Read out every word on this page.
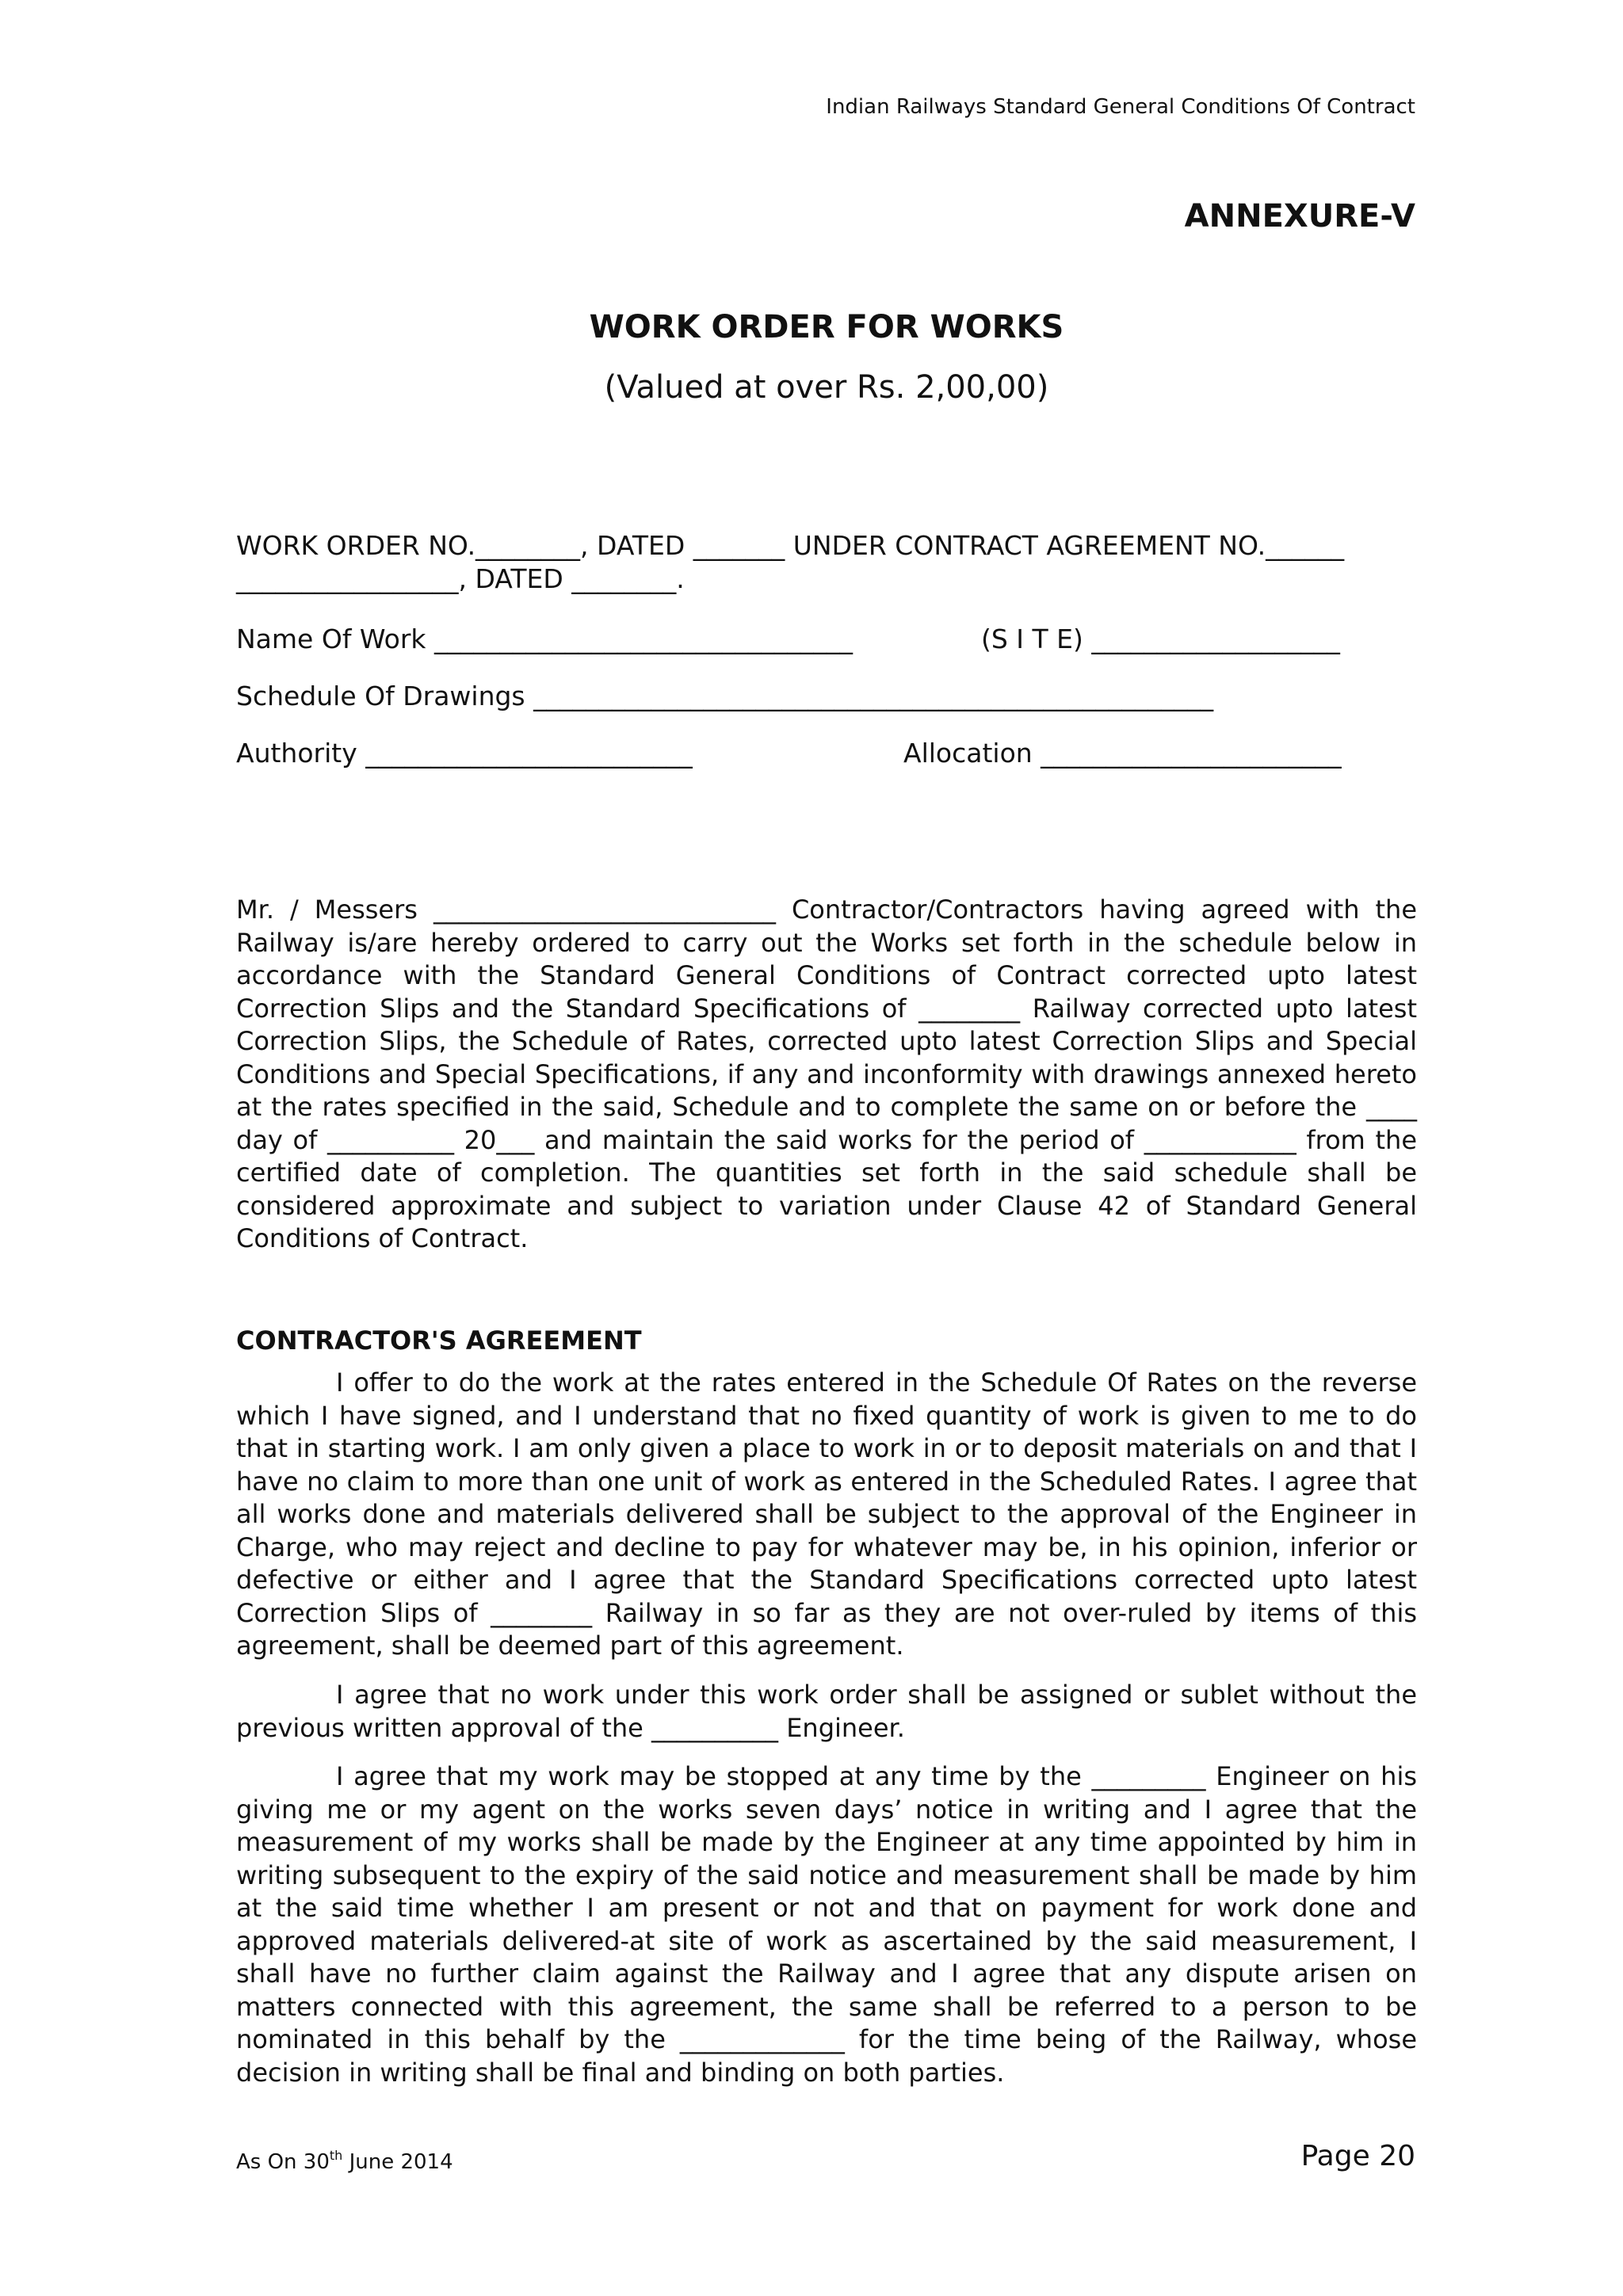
Indian Railways Standard General Conditions Of Contract
ANNEXURE-V
WORK ORDER FOR WORKS
(Valued at over Rs. 2,00,00)
WORK ORDER NO.________, DATED _______ UNDER CONTRACT AGREEMENT NO.______
_________________, DATED ________.
Name Of Work ________________________________	(S I T E) ___________________
Schedule Of Drawings ____________________________________________________
Authority _________________________	Allocation _______________________
Mr. / Messers ___________________________ Contractor/Contractors having agreed with the Railway is/are hereby ordered to carry out the Works set forth in the schedule below in accordance with the Standard General Conditions of Contract corrected upto latest Correction Slips and the Standard Specifications of ________ Railway corrected upto latest Correction Slips, the Schedule of Rates, corrected upto latest Correction Slips and Special Conditions and Special Specifications, if any and inconformity with drawings annexed hereto at the rates specified in the said, Schedule and to complete the same on or before the ____ day of __________ 20___ and maintain the said works for the period of ____________ from the certified date of completion. The quantities set forth in the said schedule shall be considered approximate and subject to variation under Clause 42 of Standard General Conditions of Contract.
CONTRACTOR'S AGREEMENT
I offer to do the work at the rates entered in the Schedule Of Rates on the reverse which I have signed, and I understand that no fixed quantity of work is given to me to do that in starting work. I am only given a place to work in or to deposit materials on and that I have no claim to more than one unit of work as entered in the Scheduled Rates. I agree that all works done and materials delivered shall be subject to the approval of the Engineer in Charge, who may reject and decline to pay for whatever may be, in his opinion, inferior or defective or either and I agree that the Standard Specifications corrected upto latest Correction Slips of ________ Railway in so far as they are not over-ruled by items of this agreement, shall be deemed part of this agreement.
I agree that no work under this work order shall be assigned or sublet without the previous written approval of the __________ Engineer.
I agree that my work may be stopped at any time by the _________ Engineer on his giving me or my agent on the works seven days’ notice in writing and I agree that the measurement of my works shall be made by the Engineer at any time appointed by him in writing subsequent to the expiry of the said notice and measurement shall be made by him at the said time whether I am present or not and that on payment for work done and approved materials delivered-at site of work as ascertained by the said measurement, I shall have no further claim against the Railway and I agree that any dispute arisen on matters connected with this agreement, the same shall be referred to a person to be nominated in this behalf by the _____________ for the time being of the Railway, whose decision in writing shall be final and binding on both parties.
As On 30th June 2014	Page 20
